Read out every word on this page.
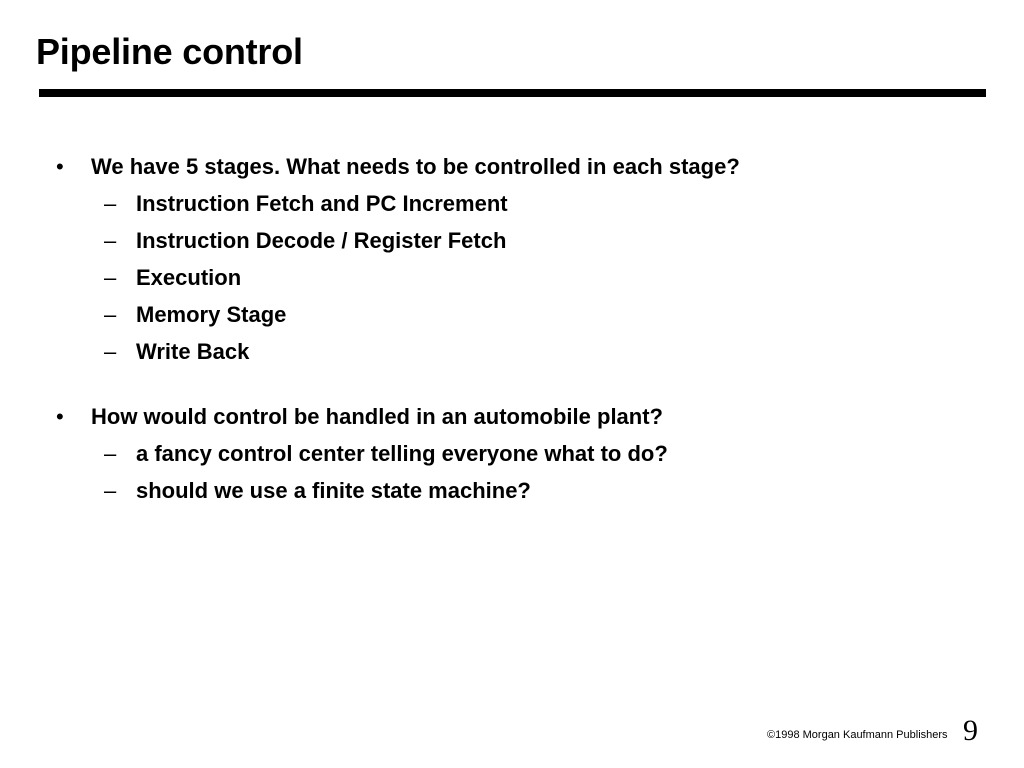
Pipeline control
• We have 5 stages. What needs to be controlled in each stage?
– Instruction Fetch and PC Increment
– Instruction Decode / Register Fetch
– Execution
– Memory Stage
– Write Back
• How would control be handled in an automobile plant?
– a fancy control center telling everyone what to do?
– should we use a finite state machine?
©1998 Morgan Kaufmann Publishers 9
